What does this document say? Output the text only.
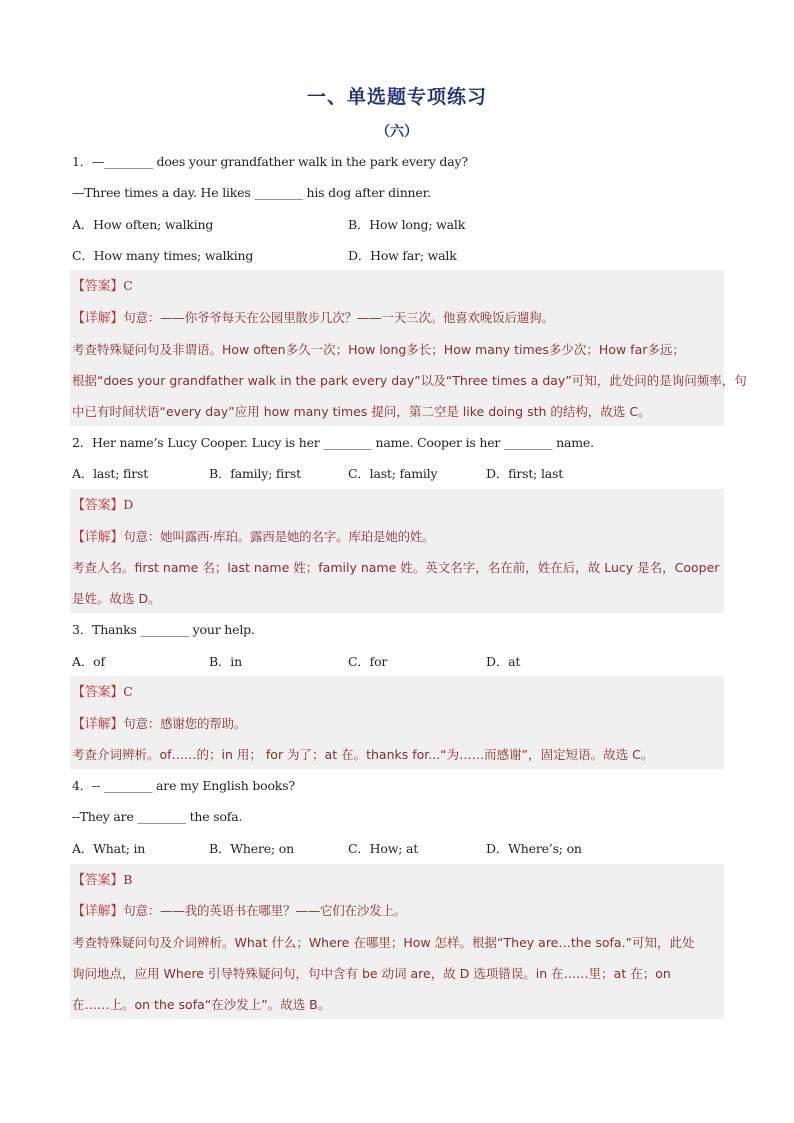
一、单选题专项练习
（六）
1．—________ does your grandfather walk in the park every day?
—Three times a day. He likes ________ his dog after dinner.
A．How often; walking	B．How long; walk
C．How many times; walking	D．How far; walk
【答案】C
【详解】句意：——你爷爷每天在公园里散步几次？——一天三次。他喜欢晚饭后遛狗。
考查特殊疑问句及非谓语。How often多久一次；How long多长；How many times多少次；How far多远；
根据“does your grandfather walk in the park every day”以及“Three times a day”可知，此处问的是询问频率，句
中已有时间状语“every day”应用 how many times 提问，第二空是 like doing sth 的结构，故选 C。
2．Her name’s Lucy Cooper. Lucy is her ________ name. Cooper is her ________ name.
A．last; first	B．family; first	C．last; family	D．first; last
【答案】D
【详解】句意：她叫露西·库珀。露西是她的名字。库珀是她的姓。
考查人名。first name 名；last name 姓；family name 姓。英文名字，名在前，姓在后，故 Lucy 是名，Cooper
是姓。故选 D。
3．Thanks ________ your help.
A．of	B．in	C．for	D．at
【答案】C
【详解】句意：感谢您的帮助。
考查介词辨析。of……的；in 用； for 为了；at 在。thanks for...“为……而感谢”，固定短语。故选 C。
4．-- ________ are my English books?
--They are ________ the sofa.
A．What; in	B．Where; on	C．How; at	D．Where’s; on
【答案】B
【详解】句意：——我的英语书在哪里？——它们在沙发上。
考查特殊疑问句及介词辨析。What 什么；Where 在哪里；How 怎样。根据“They are…the sofa.”可知，此处
询问地点，应用 Where 引导特殊疑问句，句中含有 be 动词 are，故 D 选项错误。in 在……里；at 在；on
在……上。on the sofa“在沙发上”。故选 B。
